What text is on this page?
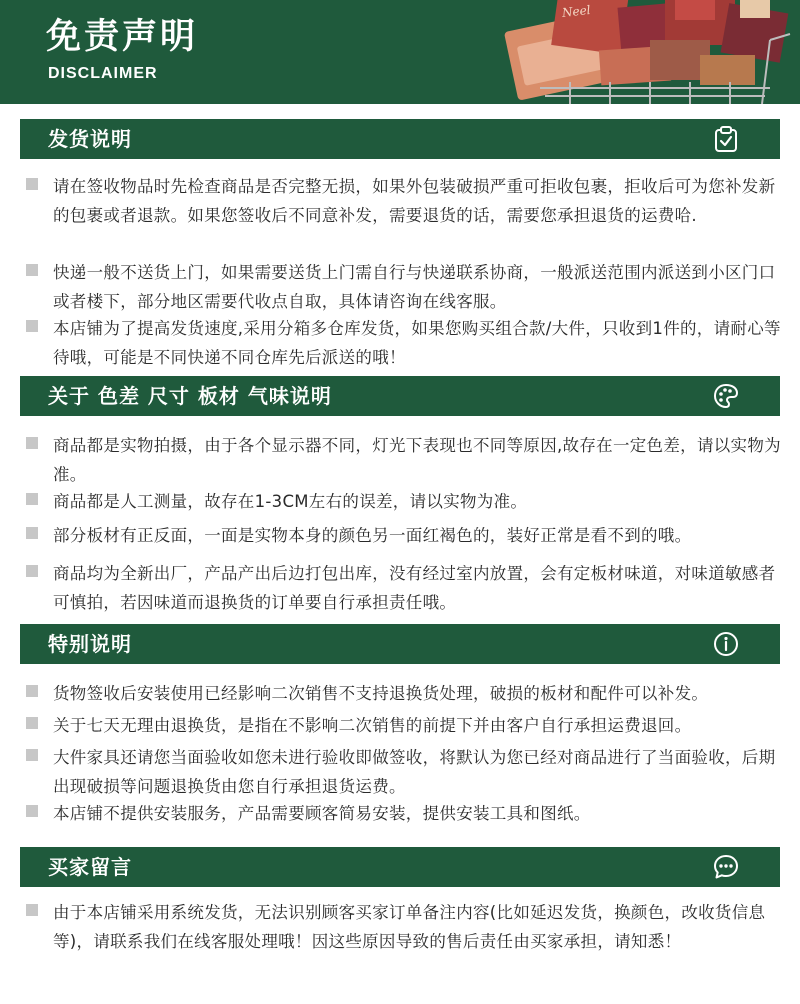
免责声明
DISCLAIMER
Neel
发货说明
请在签收物品时先检查商品是否完整无损，如果外包装破损严重可拒收包裹，拒收后可为您补发新的包裹或者退款。如果您签收后不同意补发，需要退货的话，需要您承担退货的运费哈.
快递一般不送货上门，如果需要送货上门需自行与快递联系协商，一般派送范围内派送到小区门口或者楼下，部分地区需要代收点自取，具体请咨询在线客服。
本店铺为了提高发货速度,采用分箱多仓库发货，如果您购买组合款/大件，只收到1件的，请耐心等待哦，可能是不同快递不同仓库先后派送的哦！
关于 色差 尺寸 板材 气味说明
商品都是实物拍摄，由于各个显示器不同，灯光下表现也不同等原因,故存在一定色差，请以实物为准。
商品都是人工测量，故存在1-3CM左右的误差，请以实物为准。
部分板材有正反面，一面是实物本身的颜色另一面红褐色的，装好正常是看不到的哦。
商品均为全新出厂，产品产出后边打包出库，没有经过室内放置，会有定板材味道，对味道敏感者可慎拍，若因味道而退换货的订单要自行承担责任哦。
特别说明
货物签收后安装使用已经影响二次销售不支持退换货处理，破损的板材和配件可以补发。
关于七天无理由退换货，是指在不影响二次销售的前提下并由客户自行承担运费退回。
大件家具还请您当面验收如您未进行验收即做签收，将默认为您已经对商品进行了当面验收，后期出现破损等问题退换货由您自行承担退货运费。
本店铺不提供安装服务，产品需要顾客简易安装，提供安装工具和图纸。
买家留言
由于本店铺采用系统发货，无法识别顾客买家订单备注内容(比如延迟发货，换颜色，改收货信息等)，请联系我们在线客服处理哦！因这些原因导致的售后责任由买家承担，请知悉！
